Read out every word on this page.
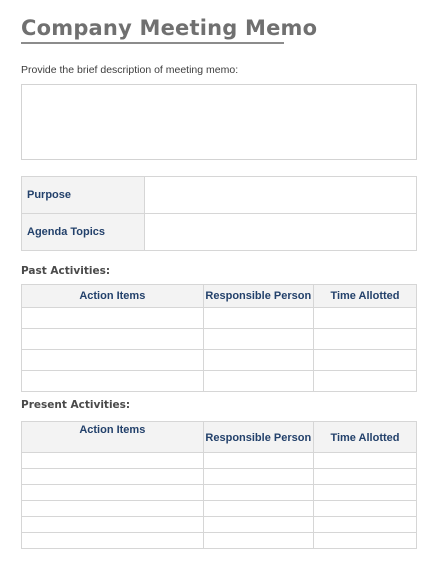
Company Meeting Memo
Provide the brief description of meeting memo:
Purpose	
Agenda Topics	
Past Activities:
Action Items	Responsible Person	Time Allotted

Present Activities:
Action Items	Responsible Person	Time Allotted
